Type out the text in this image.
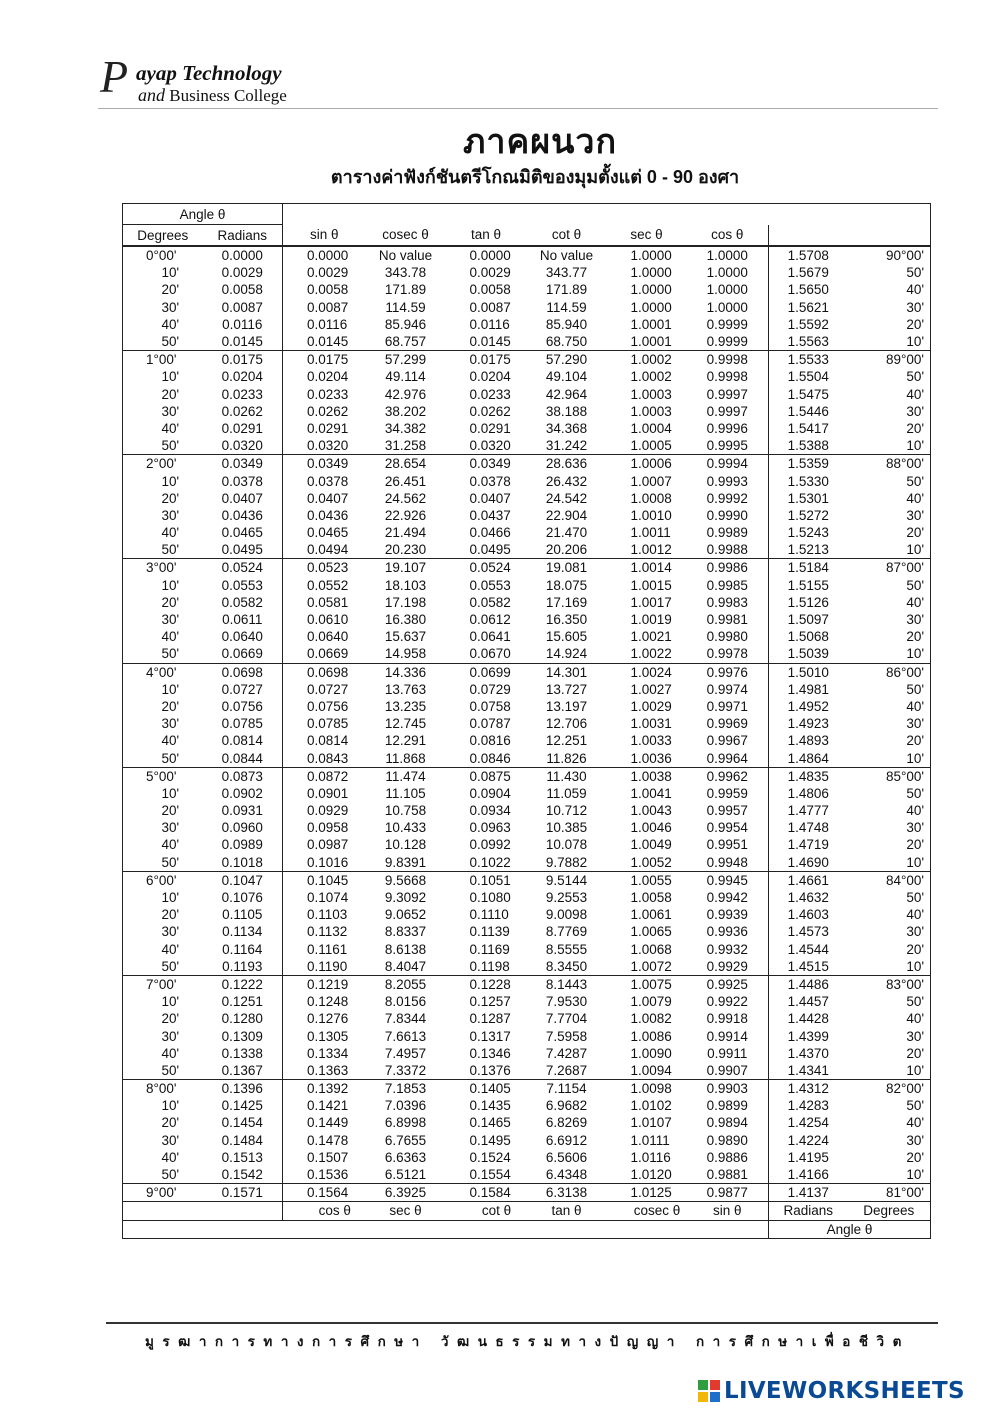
P ayap Technology
and Business College
ภาคผนวก
ตารางค่าฟังก์ชันตรีโกณมิติของมุมตั้งแต่ 0 - 90 องศา
Angle θ									
Degrees	Radians	sin θ	cosec θ	tan θ	cot θ	sec θ	cos θ		
0°00'	0.0000	0.0000	No value	0.0000	No value	1.0000	1.0000	1.5708	90°00'
10'	0.0029	0.0029	343.78	0.0029	343.77	1.0000	1.0000	1.5679	50'
20'	0.0058	0.0058	171.89	0.0058	171.89	1.0000	1.0000	1.5650	40'
30'	0.0087	0.0087	114.59	0.0087	114.59	1.0000	1.0000	1.5621	30'
40'	0.0116	0.0116	85.946	0.0116	85.940	1.0001	0.9999	1.5592	20'
50'	0.0145	0.0145	68.757	0.0145	68.750	1.0001	0.9999	1.5563	10'
1°00'	0.0175	0.0175	57.299	0.0175	57.290	1.0002	0.9998	1.5533	89°00'
10'	0.0204	0.0204	49.114	0.0204	49.104	1.0002	0.9998	1.5504	50'
20'	0.0233	0.0233	42.976	0.0233	42.964	1.0003	0.9997	1.5475	40'
30'	0.0262	0.0262	38.202	0.0262	38.188	1.0003	0.9997	1.5446	30'
40'	0.0291	0.0291	34.382	0.0291	34.368	1.0004	0.9996	1.5417	20'
50'	0.0320	0.0320	31.258	0.0320	31.242	1.0005	0.9995	1.5388	10'
2°00'	0.0349	0.0349	28.654	0.0349	28.636	1.0006	0.9994	1.5359	88°00'
10'	0.0378	0.0378	26.451	0.0378	26.432	1.0007	0.9993	1.5330	50'
20'	0.0407	0.0407	24.562	0.0407	24.542	1.0008	0.9992	1.5301	40'
30'	0.0436	0.0436	22.926	0.0437	22.904	1.0010	0.9990	1.5272	30'
40'	0.0465	0.0465	21.494	0.0466	21.470	1.0011	0.9989	1.5243	20'
50'	0.0495	0.0494	20.230	0.0495	20.206	1.0012	0.9988	1.5213	10'
3°00'	0.0524	0.0523	19.107	0.0524	19.081	1.0014	0.9986	1.5184	87°00'
10'	0.0553	0.0552	18.103	0.0553	18.075	1.0015	0.9985	1.5155	50'
20'	0.0582	0.0581	17.198	0.0582	17.169	1.0017	0.9983	1.5126	40'
30'	0.0611	0.0610	16.380	0.0612	16.350	1.0019	0.9981	1.5097	30'
40'	0.0640	0.0640	15.637	0.0641	15.605	1.0021	0.9980	1.5068	20'
50'	0.0669	0.0669	14.958	0.0670	14.924	1.0022	0.9978	1.5039	10'
4°00'	0.0698	0.0698	14.336	0.0699	14.301	1.0024	0.9976	1.5010	86°00'
10'	0.0727	0.0727	13.763	0.0729	13.727	1.0027	0.9974	1.4981	50'
20'	0.0756	0.0756	13.235	0.0758	13.197	1.0029	0.9971	1.4952	40'
30'	0.0785	0.0785	12.745	0.0787	12.706	1.0031	0.9969	1.4923	30'
40'	0.0814	0.0814	12.291	0.0816	12.251	1.0033	0.9967	1.4893	20'
50'	0.0844	0.0843	11.868	0.0846	11.826	1.0036	0.9964	1.4864	10'
5°00'	0.0873	0.0872	11.474	0.0875	11.430	1.0038	0.9962	1.4835	85°00'
10'	0.0902	0.0901	11.105	0.0904	11.059	1.0041	0.9959	1.4806	50'
20'	0.0931	0.0929	10.758	0.0934	10.712	1.0043	0.9957	1.4777	40'
30'	0.0960	0.0958	10.433	0.0963	10.385	1.0046	0.9954	1.4748	30'
40'	0.0989	0.0987	10.128	0.0992	10.078	1.0049	0.9951	1.4719	20'
50'	0.1018	0.1016	9.8391	0.1022	9.7882	1.0052	0.9948	1.4690	10'
6°00'	0.1047	0.1045	9.5668	0.1051	9.5144	1.0055	0.9945	1.4661	84°00'
10'	0.1076	0.1074	9.3092	0.1080	9.2553	1.0058	0.9942	1.4632	50'
20'	0.1105	0.1103	9.0652	0.1110	9.0098	1.0061	0.9939	1.4603	40'
30'	0.1134	0.1132	8.8337	0.1139	8.7769	1.0065	0.9936	1.4573	30'
40'	0.1164	0.1161	8.6138	0.1169	8.5555	1.0068	0.9932	1.4544	20'
50'	0.1193	0.1190	8.4047	0.1198	8.3450	1.0072	0.9929	1.4515	10'
7°00'	0.1222	0.1219	8.2055	0.1228	8.1443	1.0075	0.9925	1.4486	83°00'
10'	0.1251	0.1248	8.0156	0.1257	7.9530	1.0079	0.9922	1.4457	50'
20'	0.1280	0.1276	7.8344	0.1287	7.7704	1.0082	0.9918	1.4428	40'
30'	0.1309	0.1305	7.6613	0.1317	7.5958	1.0086	0.9914	1.4399	30'
40'	0.1338	0.1334	7.4957	0.1346	7.4287	1.0090	0.9911	1.4370	20'
50'	0.1367	0.1363	7.3372	0.1376	7.2687	1.0094	0.9907	1.4341	10'
8°00'	0.1396	0.1392	7.1853	0.1405	7.1154	1.0098	0.9903	1.4312	82°00'
10'	0.1425	0.1421	7.0396	0.1435	6.9682	1.0102	0.9899	1.4283	50'
20'	0.1454	0.1449	6.8998	0.1465	6.8269	1.0107	0.9894	1.4254	40'
30'	0.1484	0.1478	6.7655	0.1495	6.6912	1.0111	0.9890	1.4224	30'
40'	0.1513	0.1507	6.6363	0.1524	6.5606	1.0116	0.9886	1.4195	20'
50'	0.1542	0.1536	6.5121	0.1554	6.4348	1.0120	0.9881	1.4166	10'
9°00'	0.1571	0.1564	6.3925	0.1584	6.3138	1.0125	0.9877	1.4137	81°00'
		cos θ	sec θ	cot θ	tan θ	cosec θ	sin θ	Radians	Degrees
								Angle θ	
มูรฒาการทางการศึกษา วัฒนธรรมทางปัญญา การศึกษาเพื่อชีวิต
LIVEWORKSHEETS
